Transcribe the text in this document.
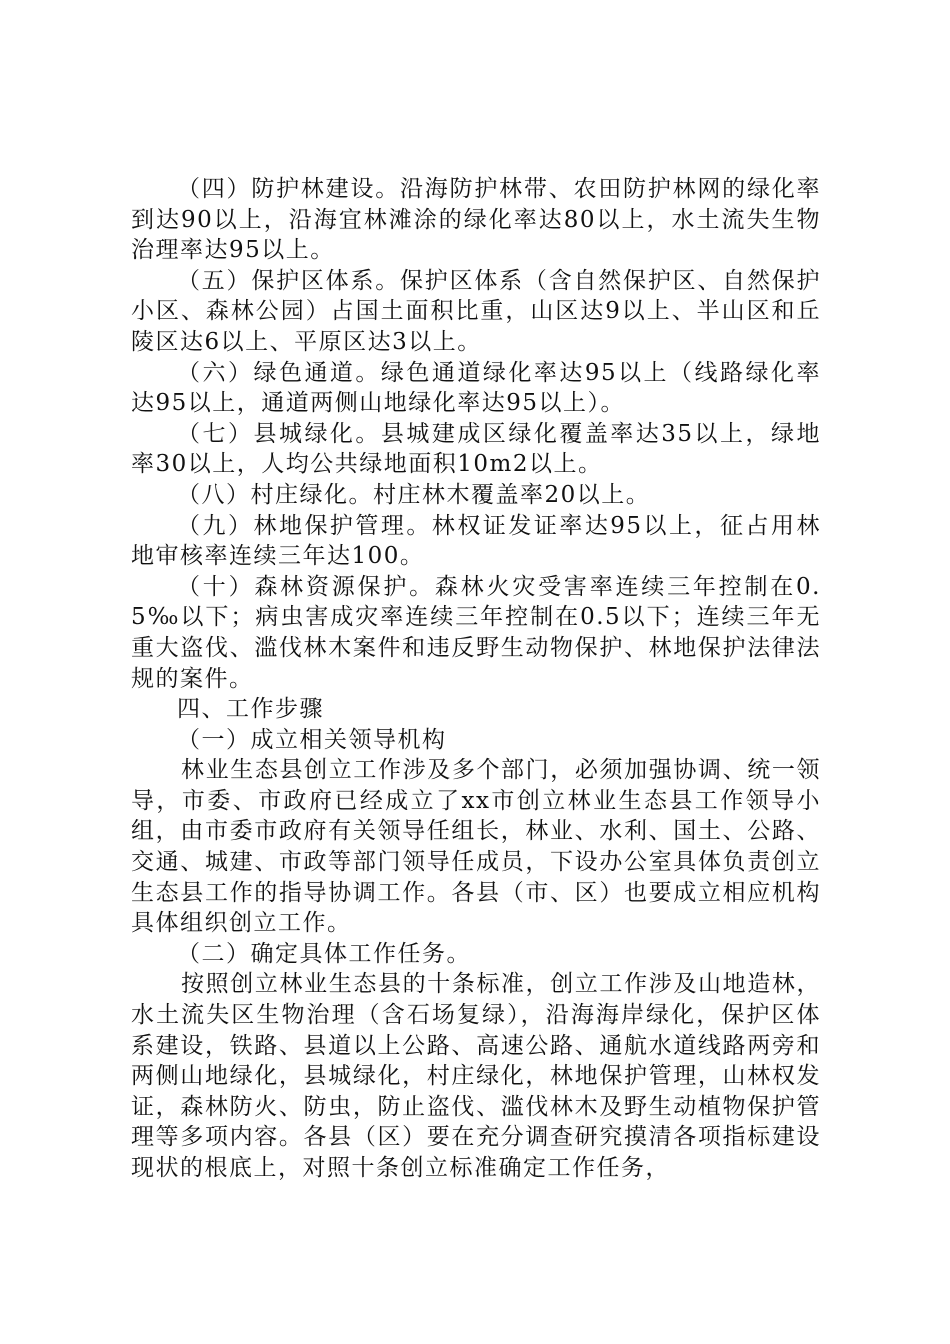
（四）防护林建设。沿海防护林带、农田防护林网的绿化率到达90以上，沿海宜林滩涂的绿化率达80以上，水土流失生物治理率达95以上。

（五）保护区体系。保护区体系（含自然保护区、自然保护小区、森林公园）占国土面积比重，山区达9以上、半山区和丘陵区达6以上、平原区达3以上。

（六）绿色通道。绿色通道绿化率达95以上（线路绿化率达95以上，通道两侧山地绿化率达95以上）。

（七）县城绿化。县城建成区绿化覆盖率达35以上，绿地率30以上，人均公共绿地面积10m2以上。

（八）村庄绿化。村庄林木覆盖率20以上。

（九）林地保护管理。林权证发证率达95以上，征占用林地审核率连续三年达100。

（十）森林资源保护。森林火灾受害率连续三年控制在0.5‰以下；病虫害成灾率连续三年控制在0.5以下；连续三年无重大盗伐、滥伐林木案件和违反野生动物保护、林地保护法律法规的案件。

四、工作步骤

（一）成立相关领导机构

林业生态县创立工作涉及多个部门，必须加强协调、统一领导，市委、市政府已经成立了xx市创立林业生态县工作领导小组，由市委市政府有关领导任组长，林业、水利、国土、公路、交通、城建、市政等部门领导任成员，下设办公室具体负责创立生态县工作的指导协调工作。各县（市、区）也要成立相应机构具体组织创立工作。

（二）确定具体工作任务。

按照创立林业生态县的十条标准，创立工作涉及山地造林，水土流失区生物治理（含石场复绿），沿海海岸绿化，保护区体系建设，铁路、县道以上公路、高速公路、通航水道线路两旁和两侧山地绿化，县城绿化，村庄绿化，林地保护管理，山林权发证，森林防火、防虫，防止盗伐、滥伐林木及野生动植物保护管理等多项内容。各县（区）要在充分调查研究摸清各项指标建设现状的根底上，对照十条创立标准确定工作任务，
